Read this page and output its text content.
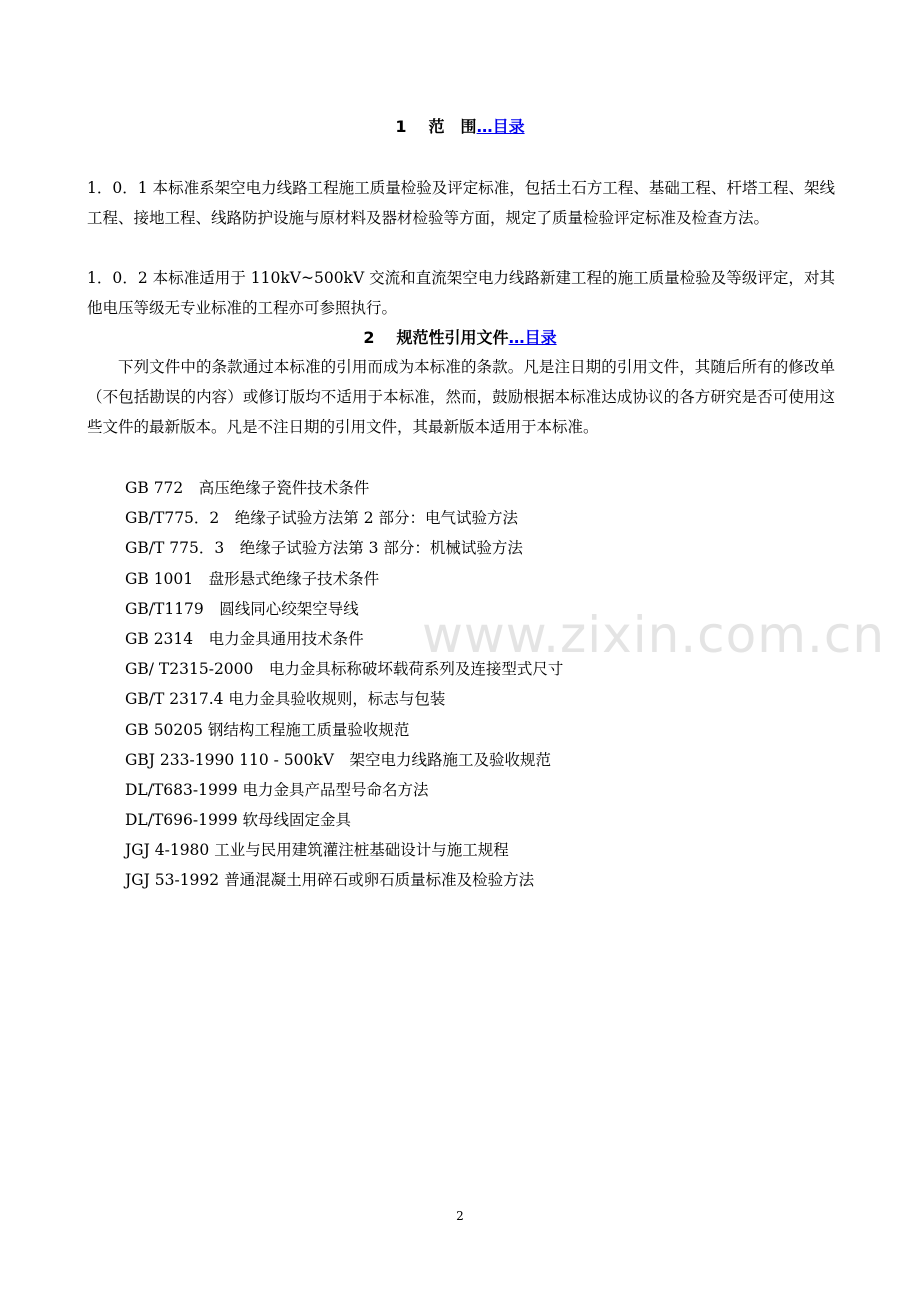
1 范　围…目录

1．0．1 本标准系架空电力线路工程施工质量检验及评定标准，包括土石方工程、基础工程、杆塔工程、架线工程、接地工程、线路防护设施与原材料及器材检验等方面，规定了质量检验评定标准及检查方法。

1．0．2 本标准适用于 110kV~500kV 交流和直流架空电力线路新建工程的施工质量检验及等级评定，对其他电压等级无专业标准的工程亦可参照执行。

2 规范性引用文件…目录

下列文件中的条款通过本标准的引用而成为本标准的条款。凡是注日期的引用文件，其随后所有的修改单（不包括勘误的内容）或修订版均不适用于本标准，然而，鼓励根据本标准达成协议的各方研究是否可使用这些文件的最新版本。凡是不注日期的引用文件，其最新版本适用于本标准。

GB 772　高压绝缘子瓷件技术条件
GB/T775．2　绝缘子试验方法第 2 部分：电气试验方法
GB/T 775．3　绝缘子试验方法第 3 部分：机械试验方法
GB 1001　盘形悬式绝缘子技术条件
GB/T1179　圆线同心绞架空导线
GB 2314　电力金具通用技术条件
GB/ T2315-2000　电力金具标称破坏载荷系列及连接型式尺寸
GB/T 2317.4 电力金具验收规则，标志与包装
GB 50205 钢结构工程施工质量验收规范
GBJ 233-1990 110 - 500kV　架空电力线路施工及验收规范
DL/T683-1999 电力金具产品型号命名方法
DL/T696-1999 软母线固定金具
JGJ 4-1980 工业与民用建筑灌注桩基础设计与施工规程
JGJ 53-1992 普通混凝土用碎石或卵石质量标准及检验方法
www.zixin.com.cn
2
